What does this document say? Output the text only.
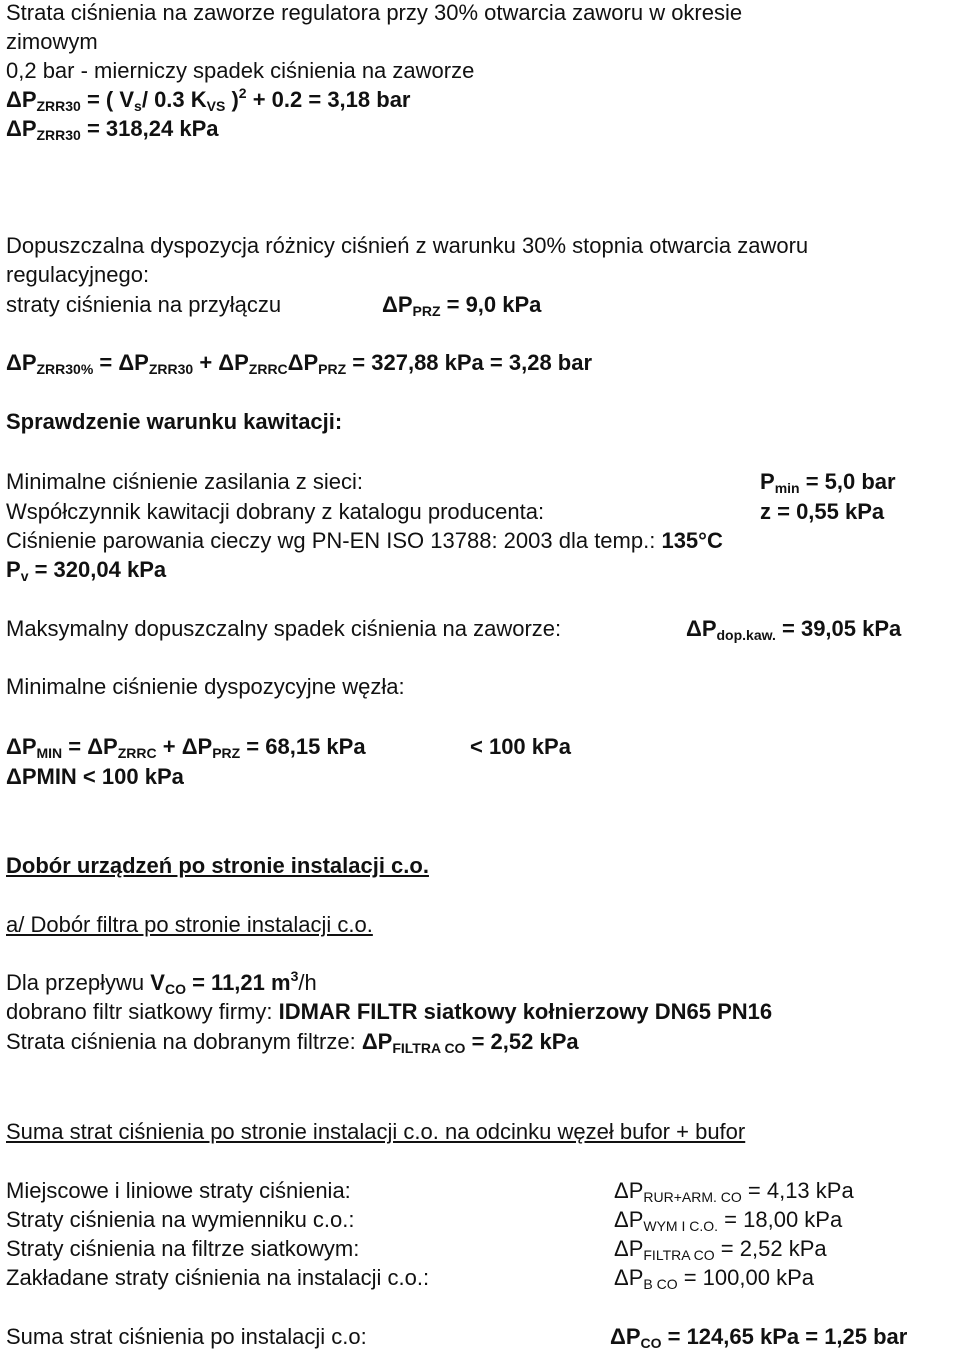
Strata ciśnienia na zaworze regulatora przy 30% otwarcia zaworu w okresie

zimowym

0,2 bar - mierniczy spadek ciśnienia na zaworze

$\Delta P_{ZRR30}$ = ( $V_s/$ 0.3 $K_{VS}$ )$^2$ + 0.2 = 3,18 bar

$\Delta P_{ZRR30} = 318,24$ kPa

Dopuszczalna dyspozycja różnicy ciśnień z warunku 30% stopnia otwarcia zaworu

regulacyjnego:

straty ciśnienia na przyłączu	$\Delta P_{PRZ} = 9,0$ kPa

$\Delta P_{ZRR30\%} = \Delta P_{ZRR30} + \Delta P_{ZRRC}\Delta P_{PRZ} = 327,88$ kPa = 3,28 bar

Sprawdzenie warunku kawitacji:

Minimalne ciśnienie zasilania z sieci:	$P_{min} = 5,0$ bar

Współczynnik kawitacji dobrany z katalogu producenta:	z = 0,55 kPa

Ciśnienie parowania cieczy wg PN-EN ISO 13788: 2003 dla temp.: 135°C

$P_v = 320,04$ kPa

Maksymalny dopuszczalny spadek ciśnienia na zaworze:	$\Delta P_{dop.kaw.} = 39,05$ kPa

Minimalne ciśnienie dyspozycyjne węzła:

$\Delta P_{MIN} = \Delta P_{ZRRC} + \Delta P_{PRZ} = 68,15$ kPa	< 100 kPa

ΔPMIN < 100 kPa

Dobór urządzeń po stronie instalacji c.o.

a/ Dobór filtra po stronie instalacji c.o.

Dla przepływu $V_{CO} = 11,21$ $m^3/h$

dobrano filtr siatkowy firmy: IDMAR FILTR siatkowy kołnierzowy DN65 PN16

Strata ciśnienia na dobranym filtrze: $\Delta P_{FILTRA CO} = 2,52$ kPa

Suma strat ciśnienia po stronie instalacji c.o. na odcinku węzeł bufor + bufor

Miejscowe i liniowe straty ciśnienia:	$\Delta P_{RUR+ARM. CO} = 4,13$ kPa

Straty ciśnienia na wymienniku c.o.:	$\Delta P_{WYM I C.O.} = 18,00$ kPa

Straty ciśnienia na filtrze siatkowym:	$\Delta P_{FILTRA CO} = 2,52$ kPa

Zakładane straty ciśnienia na instalacji c.o.:	$\Delta P_{B CO} = 100,00$ kPa

Suma strat ciśnienia po instalacji c.o:	$\Delta P_{CO} = 124,65$ kPa = 1,25 bar
